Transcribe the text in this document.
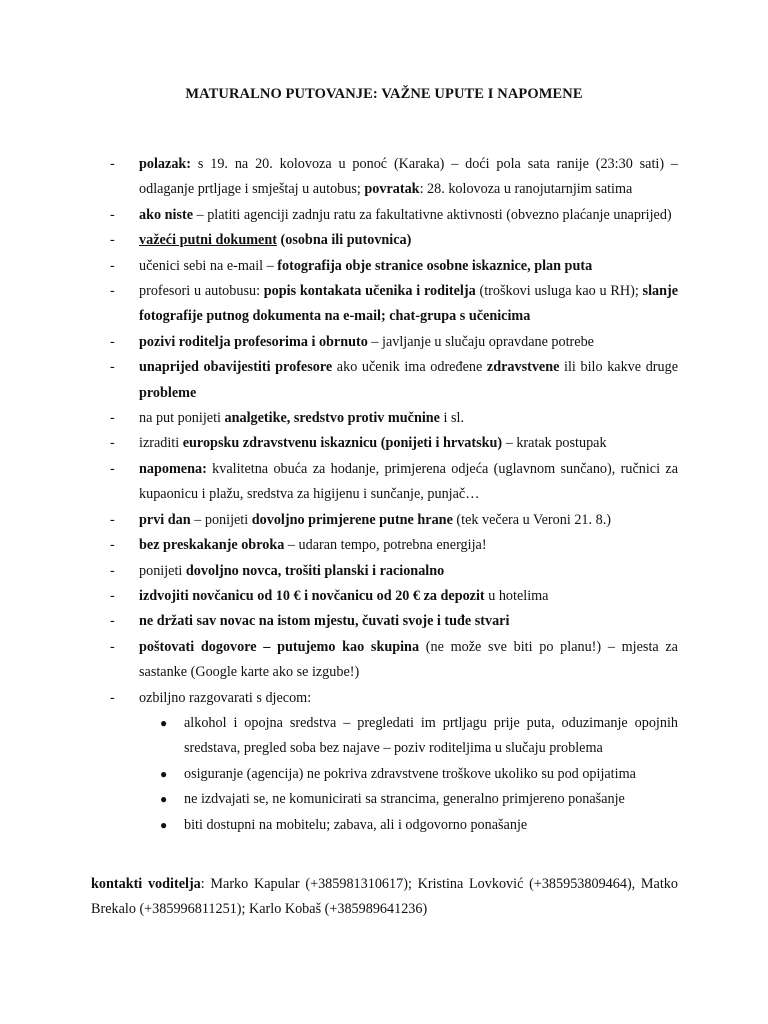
MATURALNO PUTOVANJE: VAŽNE UPUTE I NAPOMENE
- polazak: s 19. na 20. kolovoza u ponoć (Karaka) – doći pola sata ranije (23:30 sati) – odlaganje prtljage i smještaj u autobus; povratak: 28. kolovoza u ranojutarnjim satima
- ako niste – platiti agenciji zadnju ratu za fakultativne aktivnosti (obvezno plaćanje unaprijed)
- važeći putni dokument (osobna ili putovnica)
- učenici sebi na e-mail – fotografija obje stranice osobne iskaznice, plan puta
- profesori u autobusu: popis kontakata učenika i roditelja (troškovi usluga kao u RH); slanje fotografije putnog dokumenta na e-mail; chat-grupa s učenicima
- pozivi roditelja profesorima i obrnuto – javljanje u slučaju opravdane potrebe
- unaprijed obavijestiti profesore ako učenik ima određene zdravstvene ili bilo kakve druge probleme
- na put ponijeti analgetike, sredstvo protiv mučnine i sl.
- izraditi europsku zdravstvenu iskaznicu (ponijeti i hrvatsku) – kratak postupak
- napomena: kvalitetna obuća za hodanje, primjerena odjeća (uglavnom sunčano), ručnici za kupaonicu i plažu, sredstva za higijenu i sunčanje, punjač…
- prvi dan – ponijeti dovoljno primjerene putne hrane (tek večera u Veroni 21. 8.)
- bez preskakanje obroka – udaran tempo, potrebna energija!
- ponijeti dovoljno novca, trošiti planski i racionalno
- izdvojiti novčanicu od 10 € i novčanicu od 20 € za depozit u hotelima
- ne držati sav novac na istom mjestu, čuvati svoje i tuđe stvari
- poštovati dogovore – putujemo kao skupina (ne može sve biti po planu!) – mjesta za sastanke (Google karte ako se izgube!)
- ozbiljno razgovarati s djecom:
● alkohol i opojna sredstva – pregledati im prtljagu prije puta, oduzimanje opojnih sredstava, pregled soba bez najave – poziv roditeljima u slučaju problema
● osiguranje (agencija) ne pokriva zdravstvene troškove ukoliko su pod opijatima
● ne izdvajati se, ne komunicirati sa strancima, generalno primjereno ponašanje
● biti dostupni na mobitelu; zabava, ali i odgovorno ponašanje
kontakti voditelja: Marko Kapular (+385981310617); Kristina Lovković (+385953809464), Matko Brekalo (+385996811251); Karlo Kobaš (+385989641236)
